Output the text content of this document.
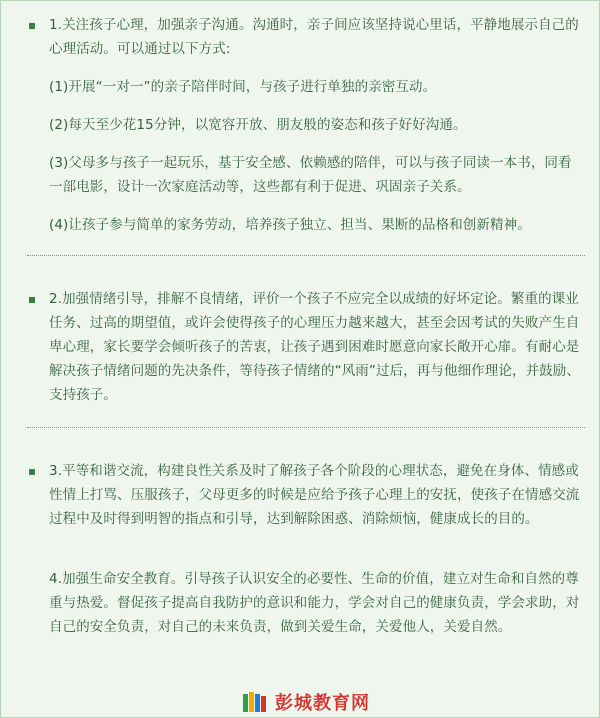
1.关注孩子心理，加强亲子沟通。沟通时，亲子间应该坚持说心里话，平静地展示自己的心理活动。可以通过以下方式:

(1)开展“一对一”的亲子陪伴时间，与孩子进行单独的亲密互动。

(2)每天至少花15分钟，以宽容开放、朋友般的姿态和孩子好好沟通。

(3)父母多与孩子一起玩乐，基于安全感、依赖感的陪伴，可以与孩子同读一本书，同看一部电影，设计一次家庭活动等，这些都有利于促进、巩固亲子关系。

(4)让孩子参与简单的家务劳动，培养孩子独立、担当、果断的品格和创新精神。

2.加强情绪引导，排解不良情绪，评价一个孩子不应完全以成绩的好坏定论。繁重的课业任务、过高的期望值，或许会使得孩子的心理压力越来越大，甚至会因考试的失败产生自卑心理，家长要学会倾听孩子的苦衷，让孩子遇到困难时愿意向家长敞开心扉。有耐心是解决孩子情绪问题的先决条件，等待孩子情绪的“风雨”过后，再与他细作理论，并鼓励、支持孩子。

3.平等和谐交流，构建良性关系及时了解孩子各个阶段的心理状态，避免在身体、情感或性情上打骂、压服孩子，父母更多的时候是应给予孩子心理上的安抚，使孩子在情感交流过程中及时得到明智的指点和引导，达到解除困惑、消除烦恼，健康成长的目的。

4.加强生命安全教育。引导孩子认识安全的必要性、生命的价值，建立对生命和自然的尊重与热爱。督促孩子提高自我防护的意识和能力，学会对自己的健康负责，学会求助，对自己的安全负责，对自己的未来负责，做到关爱生命，关爱他人，关爱自然。

彭城教育网
